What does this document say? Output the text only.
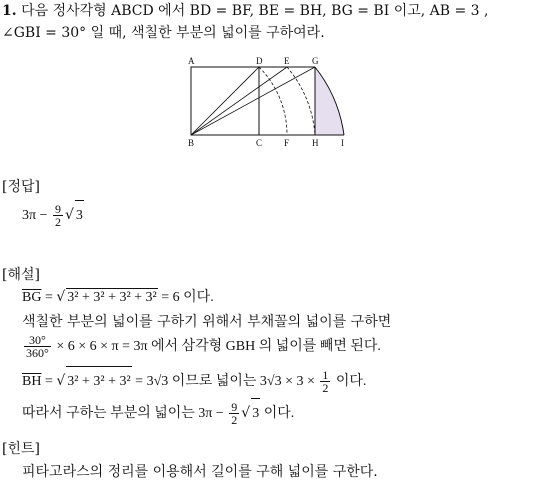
1. 다음 정사각형 ABCD 에서 BD = BF, BE = BH, BG = BI 이고, AB = 3 ,
∠GBI = 30° 일 때, 색칠한 부분의 넓이를 구하여라.
A	D E	G
B	C F	H	I
[정답]
$3\pi - \frac{9}{2}$ √ 3
[해설]
$\overline{BG}$ = √ 3² + 3² + 3² + 3² = 6 이다.
색칠한 부분의 넓이를 구하기 위해서 부채꼴의 넓이를 구하면
$\frac{30^\circ}{360^\circ} \times 6 \times 6 \times \pi = 3\pi$ 에서 삼각형 GBH 의 넓이를 빼면 된다.
$\overline{BH}$ = √ 3² + 3² + 3² = 3√3 이므로 넓이는 $3√3 \times 3 \times \frac{1}{2}$ 이다.
따라서 구하는 부분의 넓이는 $3\pi - \frac{9}{2}$ √ 3 이다.
[힌트]
피타고라스의 정리를 이용해서 길이를 구해 넓이를 구한다.
